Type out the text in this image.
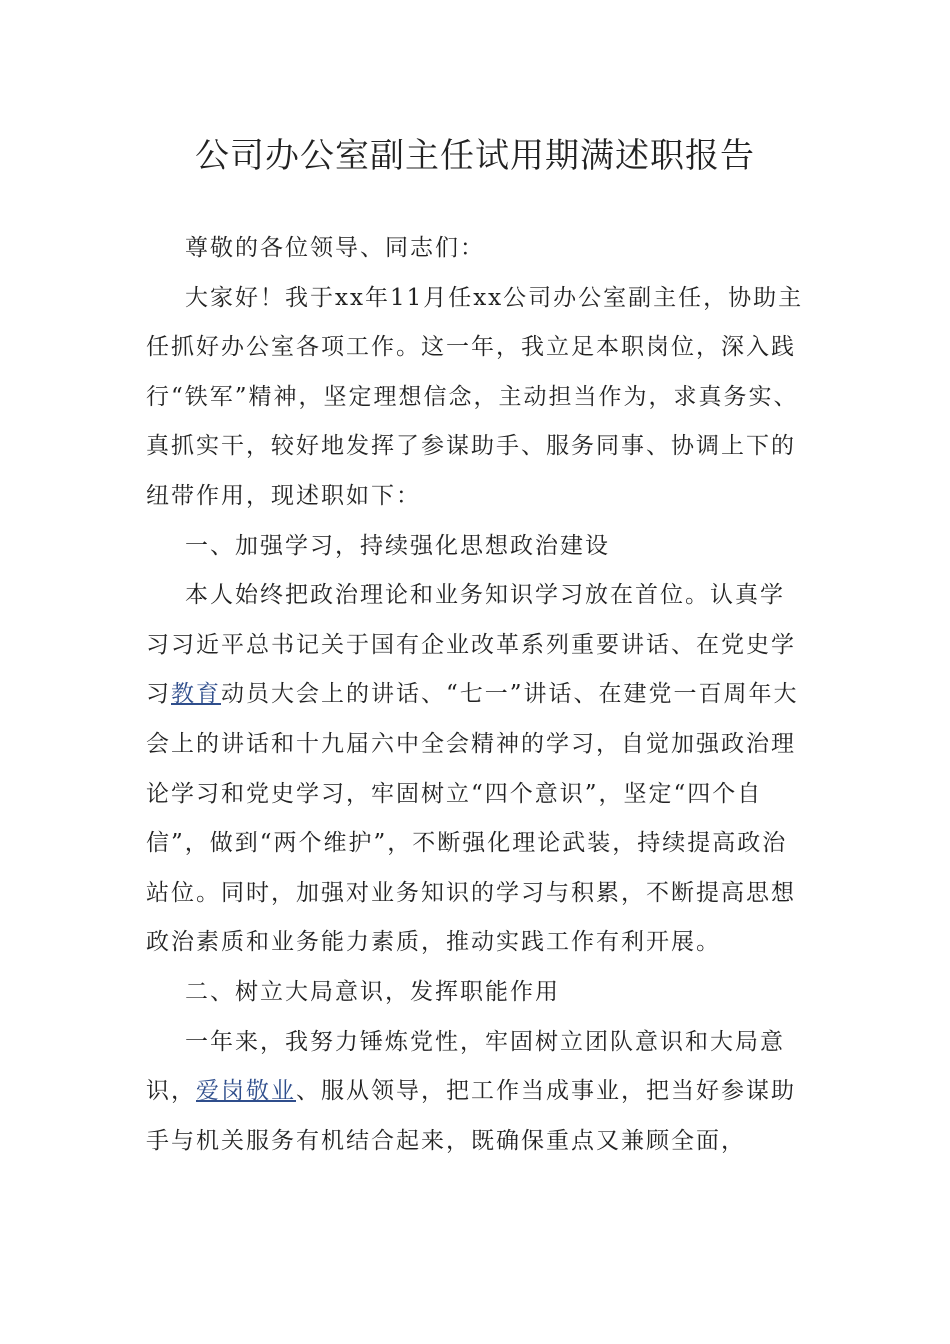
公司办公室副主任试用期满述职报告

尊敬的各位领导、同志们：

大家好！我于xx年11月任xx公司办公室副主任，协助主任抓好办公室各项工作。这一年，我立足本职岗位，深入践行“铁军”精神，坚定理想信念，主动担当作为，求真务实、真抓实干，较好地发挥了参谋助手、服务同事、协调上下的纽带作用，现述职如下：

一、加强学习，持续强化思想政治建设

本人始终把政治理论和业务知识学习放在首位。认真学习习近平总书记关于国有企业改革系列重要讲话、在党史学习教育动员大会上的讲话、“七一”讲话、在建党一百周年大会上的讲话和十九届六中全会精神的学习，自觉加强政治理论学习和党史学习，牢固树立“四个意识”，坚定“四个自信”，做到“两个维护”，不断强化理论武装，持续提高政治站位。同时，加强对业务知识的学习与积累，不断提高思想政治素质和业务能力素质，推动实践工作有利开展。

二、树立大局意识，发挥职能作用

一年来，我努力锤炼党性，牢固树立团队意识和大局意识，爱岗敬业、服从领导，把工作当成事业，把当好参谋助手与机关服务有机结合起来，既确保重点又兼顾全面，
